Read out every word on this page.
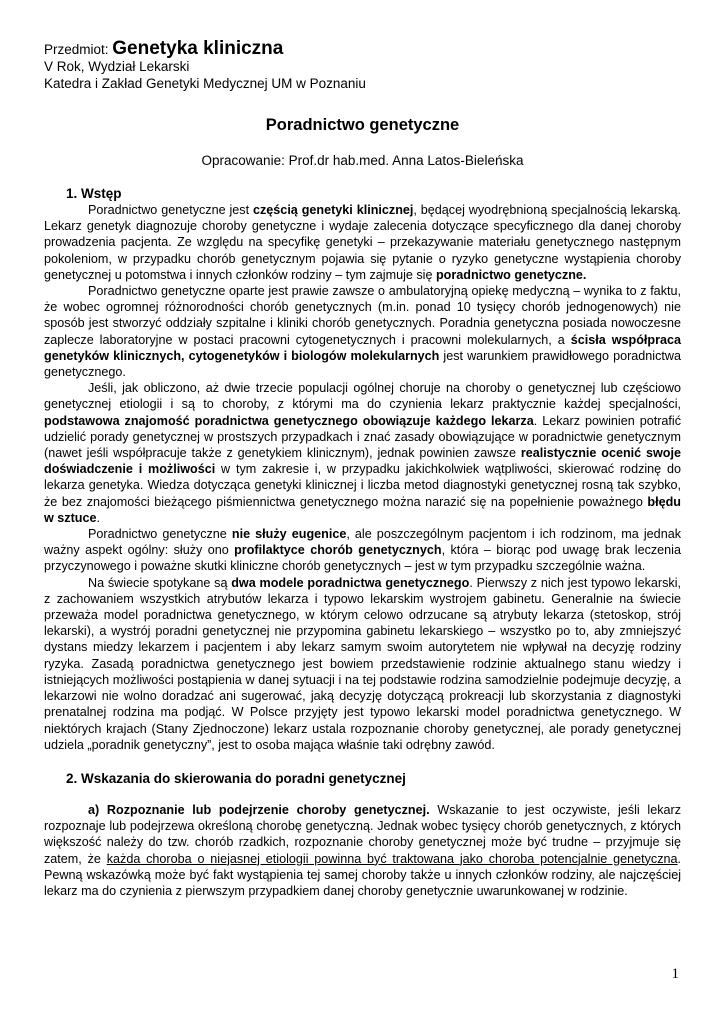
Przedmiot: Genetyka kliniczna
V Rok, Wydział Lekarski
Katedra i Zakład Genetyki Medycznej UM w Poznaniu
Poradnictwo genetyczne
Opracowanie: Prof.dr hab.med. Anna Latos-Bieleńska
1. Wstęp

Poradnictwo genetyczne jest częścią genetyki klinicznej, będącej wyodrębnioną specjalnością lekarską. Lekarz genetyk diagnozuje choroby genetyczne i wydaje zalecenia dotyczące specyficznego dla danej choroby prowadzenia pacjenta. Ze względu na specyfikę genetyki – przekazywanie materiału genetycznego następnym pokoleniom, w przypadku chorób genetycznym pojawia się pytanie o ryzyko genetyczne wystąpienia choroby genetycznej u potomstwa i innych członków rodziny – tym zajmuje się poradnictwo genetyczne.

Poradnictwo genetyczne oparte jest prawie zawsze o ambulatoryjną opiekę medyczną – wynika to z faktu, że wobec ogromnej różnorodności chorób genetycznych (m.in. ponad 10 tysięcy chorób jednogenowych) nie sposób jest stworzyć oddziały szpitalne i kliniki chorób genetycznych. Poradnia genetyczna posiada nowoczesne zaplecze laboratoryjne w postaci pracowni cytogenetycznych i pracowni molekularnych, a ścisła współpraca genetyków klinicznych, cytogenetyków i biologów molekularnych jest warunkiem prawidłowego poradnictwa genetycznego.

Jeśli, jak obliczono, aż dwie trzecie populacji ogólnej choruje na choroby o genetycznej lub częściowo genetycznej etiologii i są to choroby, z którymi ma do czynienia lekarz praktycznie każdej specjalności, podstawowa znajomość poradnictwa genetycznego obowiązuje każdego lekarza. Lekarz powinien potrafić udzielić porady genetycznej w prostszych przypadkach i znać zasady obowiązujące w poradnictwie genetycznym (nawet jeśli współpracuje także z genetykiem klinicznym), jednak powinien zawsze realistycznie ocenić swoje doświadczenie i możliwości w tym zakresie i, w przypadku jakichkolwiek wątpliwości, skierować rodzinę do lekarza genetyka. Wiedza dotycząca genetyki klinicznej i liczba metod diagnostyki genetycznej rosną tak szybko, że bez znajomości bieżącego piśmiennictwa genetycznego można narazić się na popełnienie poważnego błędu w sztuce.

Poradnictwo genetyczne nie służy eugenice, ale poszczególnym pacjentom i ich rodzinom, ma jednak ważny aspekt ogólny: służy ono profilaktyce chorób genetycznych, która – biorąc pod uwagę brak leczenia przyczynowego i poważne skutki kliniczne chorób genetycznych – jest w tym przypadku szczególnie ważna.

Na świecie spotykane są dwa modele poradnictwa genetycznego. Pierwszy z nich jest typowo lekarski, z zachowaniem wszystkich atrybutów lekarza i typowo lekarskim wystrojem gabinetu. Generalnie na świecie przeważa model poradnictwa genetycznego, w którym celowo odrzucane są atrybuty lekarza (stetoskop, strój lekarski), a wystrój poradni genetycznej nie przypomina gabinetu lekarskiego – wszystko po to, aby zmniejszyć dystans miedzy lekarzem i pacjentem i aby lekarz samym swoim autorytetem nie wpływał na decyzję rodziny ryzyka. Zasadą poradnictwa genetycznego jest bowiem przedstawienie rodzinie aktualnego stanu wiedzy i istniejących możliwości postąpienia w danej sytuacji i na tej podstawie rodzina samodzielnie podejmuje decyzję, a lekarzowi nie wolno doradzać ani sugerować, jaką decyzję dotyczącą prokreacji lub skorzystania z diagnostyki prenatalnej rodzina ma podjąć. W Polsce przyjęty jest typowo lekarski model poradnictwa genetycznego. W niektórych krajach (Stany Zjednoczone) lekarz ustala rozpoznanie choroby genetycznej, ale porady genetycznej udziela „poradnik genetyczny”, jest to osoba mająca właśnie taki odrębny zawód.

2. Wskazania do skierowania do poradni genetycznej

a) Rozpoznanie lub podejrzenie choroby genetycznej. Wskazanie to jest oczywiste, jeśli lekarz rozpoznaje lub podejrzewa określoną chorobę genetyczną. Jednak wobec tysięcy chorób genetycznych, z których większość należy do tzw. chorób rzadkich, rozpoznanie choroby genetycznej może być trudne – przyjmuje się zatem, że każda choroba o niejasnej etiologii powinna być traktowana jako choroba potencjalnie genetyczna. Pewną wskazówką może być fakt wystąpienia tej samej choroby także u innych członków rodziny, ale najczęściej lekarz ma do czynienia z pierwszym przypadkiem danej choroby genetycznie uwarunkowanej w rodzinie.

1
